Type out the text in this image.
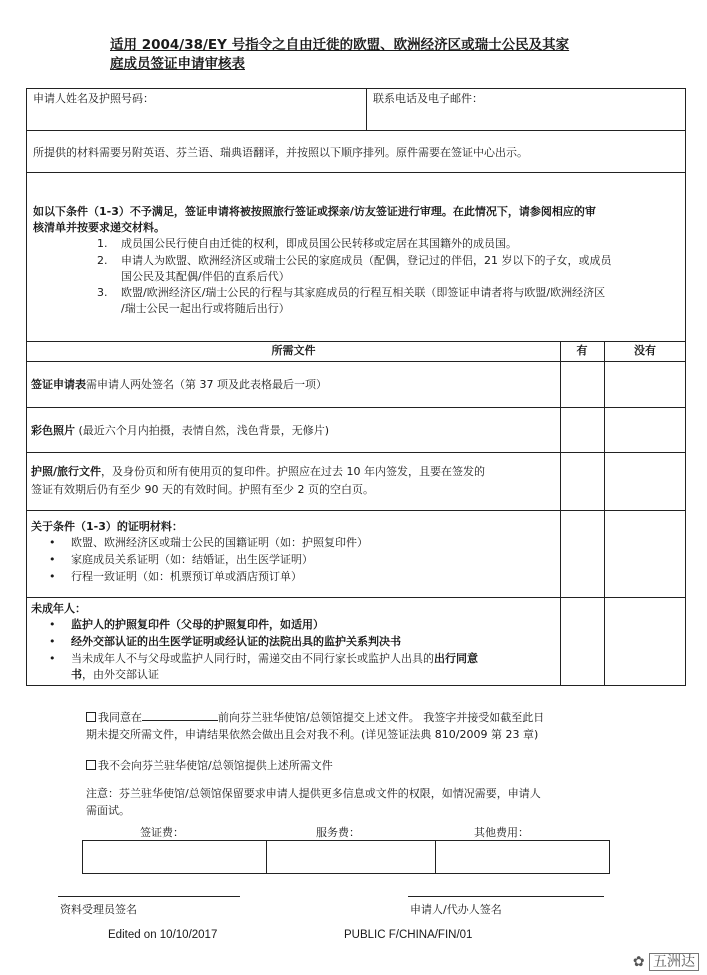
适用 2004/38/EY 号指令之自由迁徙的欧盟、欧洲经济区或瑞士公民及其家
庭成员签证申请审核表
申请人姓名及护照号码：	联系电话及电子邮件：
所提供的材料需要另附英语、芬兰语、瑞典语翻译，并按照以下顺序排列。原件需要在签证中心出示。
如以下条件（1-3）不予满足，签证申请将被按照旅行签证或探亲/访友签证进行审理。在此情况下，请参阅相应的审
核清单并按要求递交材料。
1. 成员国公民行使自由迁徙的权利，即成员国公民转移或定居在其国籍外的成员国。
2. 申请人为欧盟、欧洲经济区或瑞士公民的家庭成员（配偶，登记过的伴侣，21 岁以下的子女，或成员
国公民及其配偶/伴侣的直系后代）
3. 欧盟/欧洲经济区/瑞士公民的行程与其家庭成员的行程互相关联（即签证申请者将与欧盟/欧洲经济区
/瑞士公民一起出行或将随后出行）
所需文件	有	没有
签证申请表需申请人两处签名（第 37 项及此表格最后一项）
彩色照片 (最近六个月内拍摄，表情自然，浅色背景，无修片)
护照/旅行文件，及身份页和所有使用页的复印件。护照应在过去 10 年内签发，且要在签发的
签证有效期后仍有至少 90 天的有效时间。护照有至少 2 页的空白页。
关于条件（1-3）的证明材料：
• 欧盟、欧洲经济区或瑞士公民的国籍证明（如：护照复印件）
• 家庭成员关系证明（如：结婚证，出生医学证明）
• 行程一致证明（如：机票预订单或酒店预订单）
未成年人：
• 监护人的护照复印件（父母的护照复印件，如适用）
• 经外交部认证的出生医学证明或经认证的法院出具的监护关系判决书
• 当未成年人不与父母或监护人同行时，需递交由不同行家长或监护人出具的出行同意
书，由外交部认证
我同意在	前向芬兰驻华使馆/总领馆提交上述文件。 我签字并接受如截至此日
期未提交所需文件，申请结果依然会做出且会对我不利。(详见签证法典 810/2009 第 23 章)
我不会向芬兰驻华使馆/总领馆提供上述所需文件
注意：芬兰驻华使馆/总领馆保留要求申请人提供更多信息或文件的权限，如情况需要，申请人
需面试。
签证费：	服务费：	其他费用：
资料受理员签名	申请人/代办人签名
Edited on 10/10/2017	PUBLIC F/CHINA/FIN/01
✿ 五洲达
